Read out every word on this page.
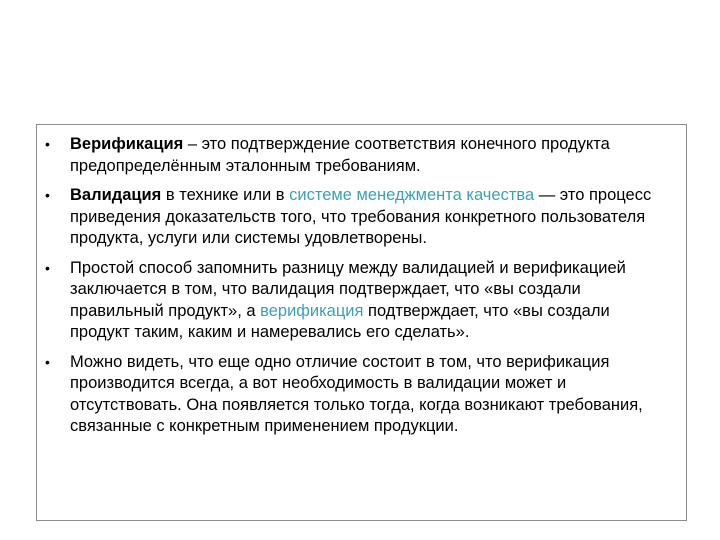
• Верификация – это подтверждение соответствия конечного продукта предопределённым эталонным требованиям.
• Валидация в технике или в системе менеджмента качества — это процесс приведения доказательств того, что требования конкретного пользователя продукта, услуги или системы удовлетворены.
• Простой способ запомнить разницу между валидацией и верификацией заключается в том, что валидация подтверждает, что «вы создали правильный продукт», а верификация подтверждает, что «вы создали продукт таким, каким и намеревались его сделать».
• Можно видеть, что еще одно отличие состоит в том, что верификация производится всегда, а вот необходимость в валидации может и отсутствовать. Она появляется только тогда, когда возникают требования, связанные с конкретным применением продукции.
